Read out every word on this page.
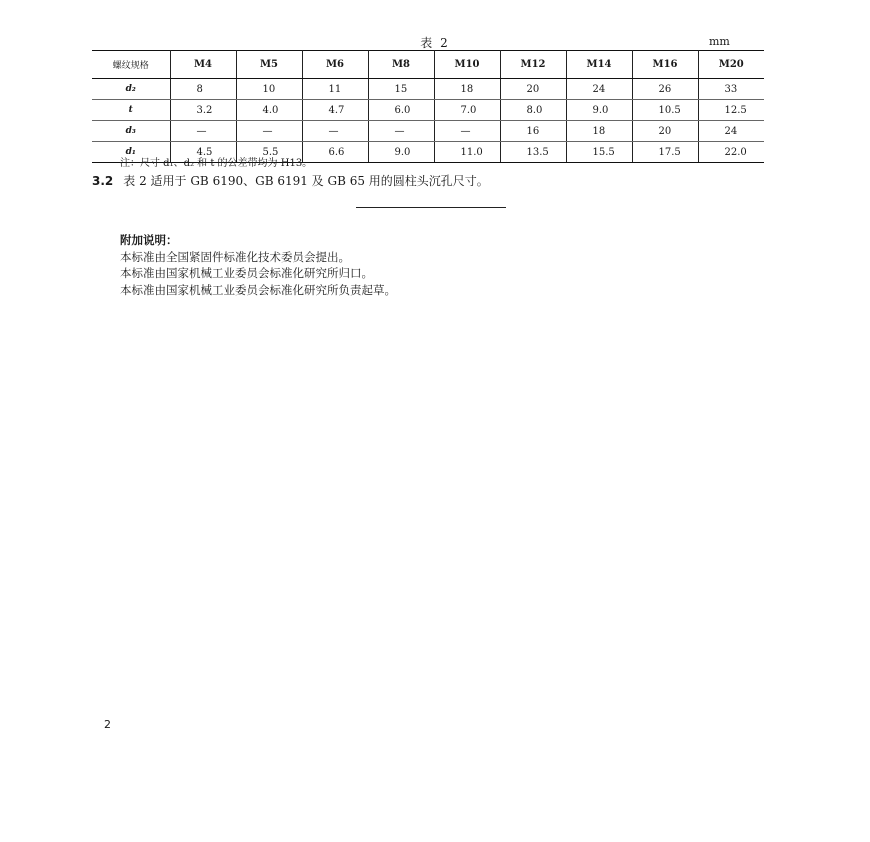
表 2	mm
螺纹规格	M4	M5	M6	M8	M10	M12	M14	M16	M20
d₂	8	10	11	15	18	20	24	26	33
t	3.2	4.0	4.7	6.0	7.0	8.0	9.0	10.5	12.5
d₃	—	—	—	—	—	16	18	20	24
d₁	4.5	5.5	6.6	9.0	11.0	13.5	15.5	17.5	22.0
注：尺寸 d₁、d₂ 和 t 的公差带均为 H13。
3.2 表 2 适用于 GB 6190、GB 6191 及 GB 65 用的圆柱头沉孔尺寸。
附加说明：
本标准由全国紧固件标准化技术委员会提出。
本标准由国家机械工业委员会标准化研究所归口。
本标准由国家机械工业委员会标准化研究所负责起草。
2
